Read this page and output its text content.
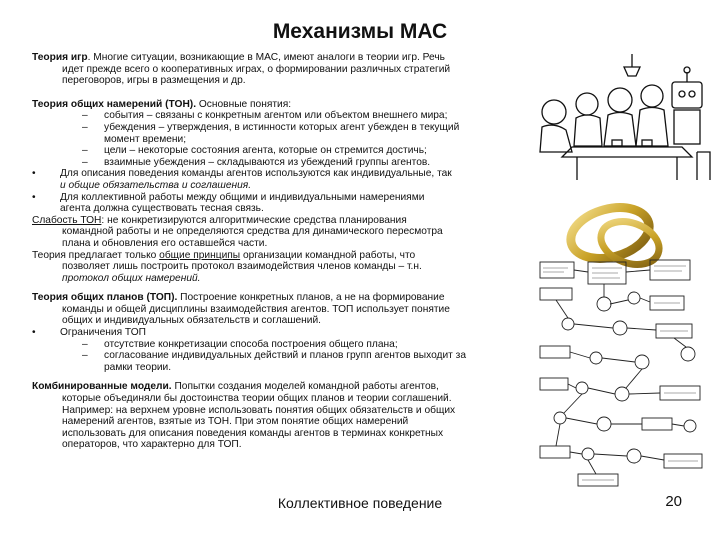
Механизмы МАС

Теория игр. Многие ситуации, возникающие в МАС, имеют аналоги в теории игр. Речь
идет прежде всего о кооперативных играх, о формировании различных стратегий
переговоров, игры в размещения и др.

Теория общих намерений (ТОН). Основные понятия:

– события – связаны с конкретным агентом или объектом внешнего мира;

– убеждения – утверждения, в истинности которых агент убежден в текущий
момент времени;

– цели – некоторые состояния агента, которые он стремится достичь;

– взаимные убеждения – складываются из убеждений группы агентов.

• Для описания поведения команды агентов используются как индивидуальные, так
и общие обязательства и соглашения.

• Для коллективной работы между общими и индивидуальными намерениями
агента должна существовать тесная связь.

Слабость ТОН: не конкретизируются алгоритмические средства планирования
командной работы и не определяются средства для динамического пересмотра
плана и обновления его оставшейся части.

Теория предлагает только общие принципы организации командной работы, что
позволяет лишь построить протокол взаимодействия членов команды – т.н.
протокол общих намерений.

Теория общих планов (ТОП). Построение конкретных планов, а не на формирование
команды и общей дисциплины взаимодействия агентов. ТОП использует понятие
общих и индивидуальных обязательств и соглашений.

• Ограничения ТОП

– отсутствие конкретизации способа построения общего плана;

– согласование индивидуальных действий и планов групп агентов выходит за
рамки теории.

Комбинированные модели. Попытки создания моделей командной работы агентов,
которые объединяли бы достоинства теории общих планов и теории соглашений.
Например: на верхнем уровне использовать понятия общих обязательств и общих
намерений агентов, взятые из ТОН. При этом понятие общих намерений
использовать для описания поведения команды агентов в терминах конкретных
операторов, что характерно для ТОП.

Коллективное поведение	20
